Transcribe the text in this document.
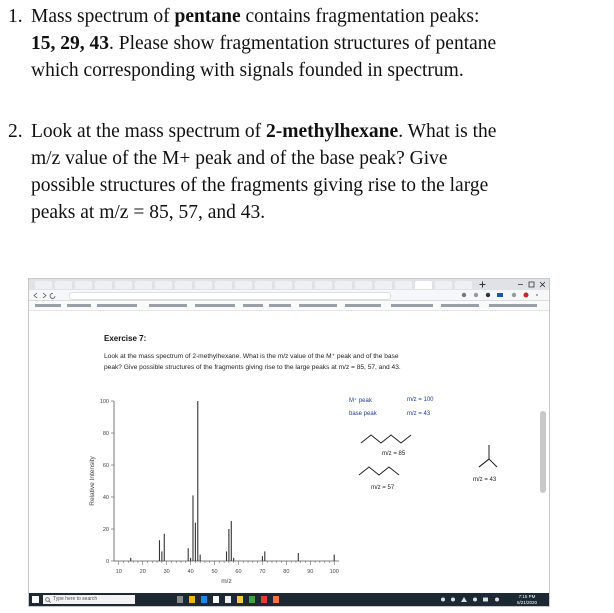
1. Mass spectrum of pentane contains fragmentation peaks:
15, 29, 43. Please show fragmentation structures of pentane
which corresponding with signals founded in spectrum.
2. Look at the mass spectrum of 2-methylhexane. What is the
m/z value of the M+ peak and of the base peak? Give
possible structures of the fragments giving rise to the large
peaks at m/z = 85, 57, and 43.
Exercise 7:
Look at the mass spectrum of 2-methylhexane. What is the m/z value of the M⁺ peak and of the base
peak? Give possible structures of the fragments giving rise to the large peaks at m/z = 85, 57, and 43.
10	20	30	40	50	60	70	80	90	100
0
20
40
60
80
100
m/z
Relative Intensity
M⁺ peak	m/z = 100
base peak	m/z = 43
m/z = 85
m/z = 57
m/z = 43
Type here to search	7:15 PM
5/21/2020
